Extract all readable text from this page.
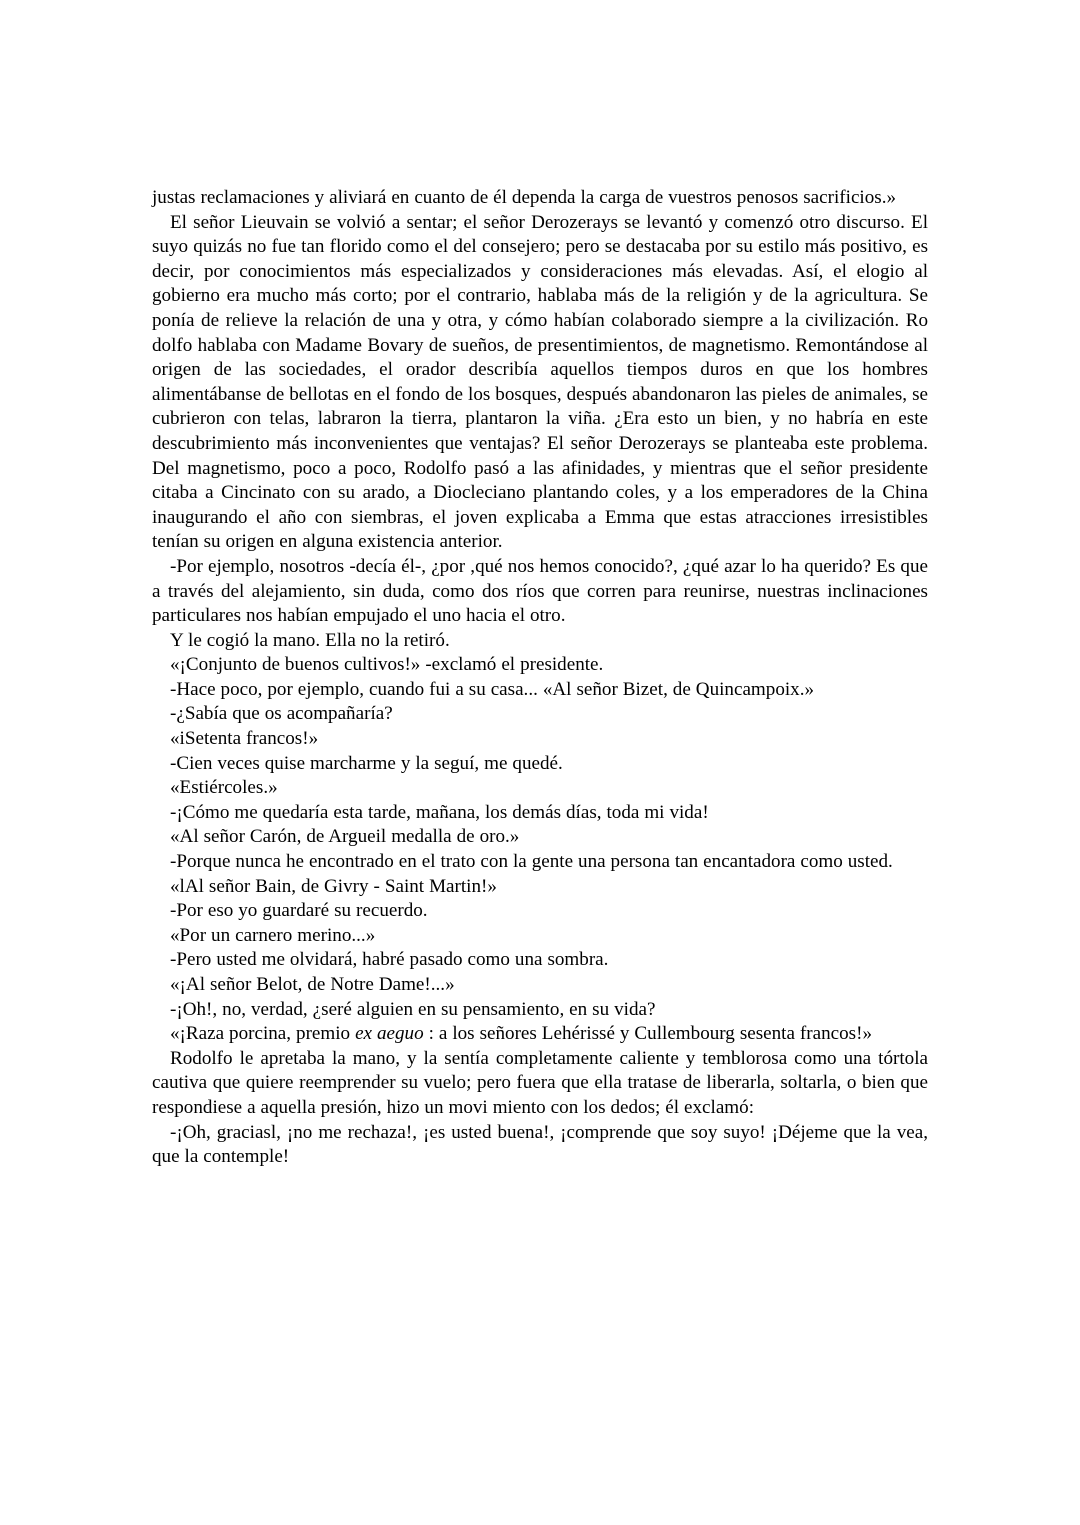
justas reclamaciones y aliviará en cuanto de él dependa la carga de vuestros penosos sacrificios.»

El señor Lieuvain se volvió a sentar; el señor Derozerays se levantó y comenzó otro discurso. El suyo quizás no fue tan florido como el del consejero; pero se destacaba por su estilo más positivo, es decir, por conocimientos más especializados y consideraciones más elevadas. Así, el elogio al gobierno era mucho más corto; por el contrario, hablaba más de la religión y de la agricultura. Se ponía de relieve la relación de una y otra, y cómo habían colaborado siempre a la civilización. Ro dolfo hablaba con Madame Bovary de sueños, de presentimientos, de magnetismo. Remontándose al origen de las sociedades, el orador describía aquellos tiempos duros en que los hombres alimentábanse de bellotas en el fondo de los bosques, después abandonaron las pieles de animales, se cubrieron con telas, labraron la tierra, plantaron la viña. ¿Era esto un bien, y no habría en este descubrimiento más inconvenientes que ventajas? El señor Derozerays se planteaba este problema. Del magnetismo, poco a poco, Rodolfo pasó a las afinidades, y mientras que el señor presidente citaba a Cincinato con su arado, a Diocleciano plantando coles, y a los emperadores de la China inaugurando el año con siembras, el joven explicaba a Emma que estas atracciones irresistibles tenían su origen en alguna existencia anterior.

-Por ejemplo, nosotros -decía él-, ¿por ,qué nos hemos conocido?, ¿qué azar lo ha querido? Es que a través del alejamiento, sin duda, como dos ríos que corren para reunirse, nuestras inclinaciones particulares nos habían empujado el uno hacia el otro.

Y le cogió la mano. Ella no la retiró.

«¡Conjunto de buenos cultivos!» -exclamó el presidente.

-Hace poco, por ejemplo, cuando fui a su casa... «Al señor Bizet, de Quincampoix.»

-¿Sabía que os acompañaría?

«iSetenta francos!»

-Cien veces quise marcharme y la seguí, me quedé.

«Estiércoles.»

-¡Cómo me quedaría esta tarde, mañana, los demás días, toda mi vida!

«Al señor Carón, de Argueil medalla de oro.»

-Porque nunca he encontrado en el trato con la gente una persona tan encantadora como usted.

«lAl señor Bain, de Givry - Saint Martin!»

-Por eso yo guardaré su recuerdo.

«Por un carnero merino...»

-Pero usted me olvidará, habré pasado como una sombra.

«¡Al señor Belot, de Notre Dame!...»

-¡Oh!, no, verdad, ¿seré alguien en su pensamiento, en su vida?

«¡Raza porcina, premio ex aeguo : a los señores Lehérissé y Cullembourg sesenta francos!»

Rodolfo le apretaba la mano, y la sentía completamente caliente y temblorosa como una tórtola cautiva que quiere reemprender su vuelo; pero fuera que ella tratase de liberarla, soltarla, o bien que respondiese a aquella presión, hizo un movi miento con los dedos; él exclamó:

-¡Oh, graciasl, ¡no me rechaza!, ¡es usted buena!, ¡comprende que soy suyo! ¡Déjeme que la vea, que la contemple!
